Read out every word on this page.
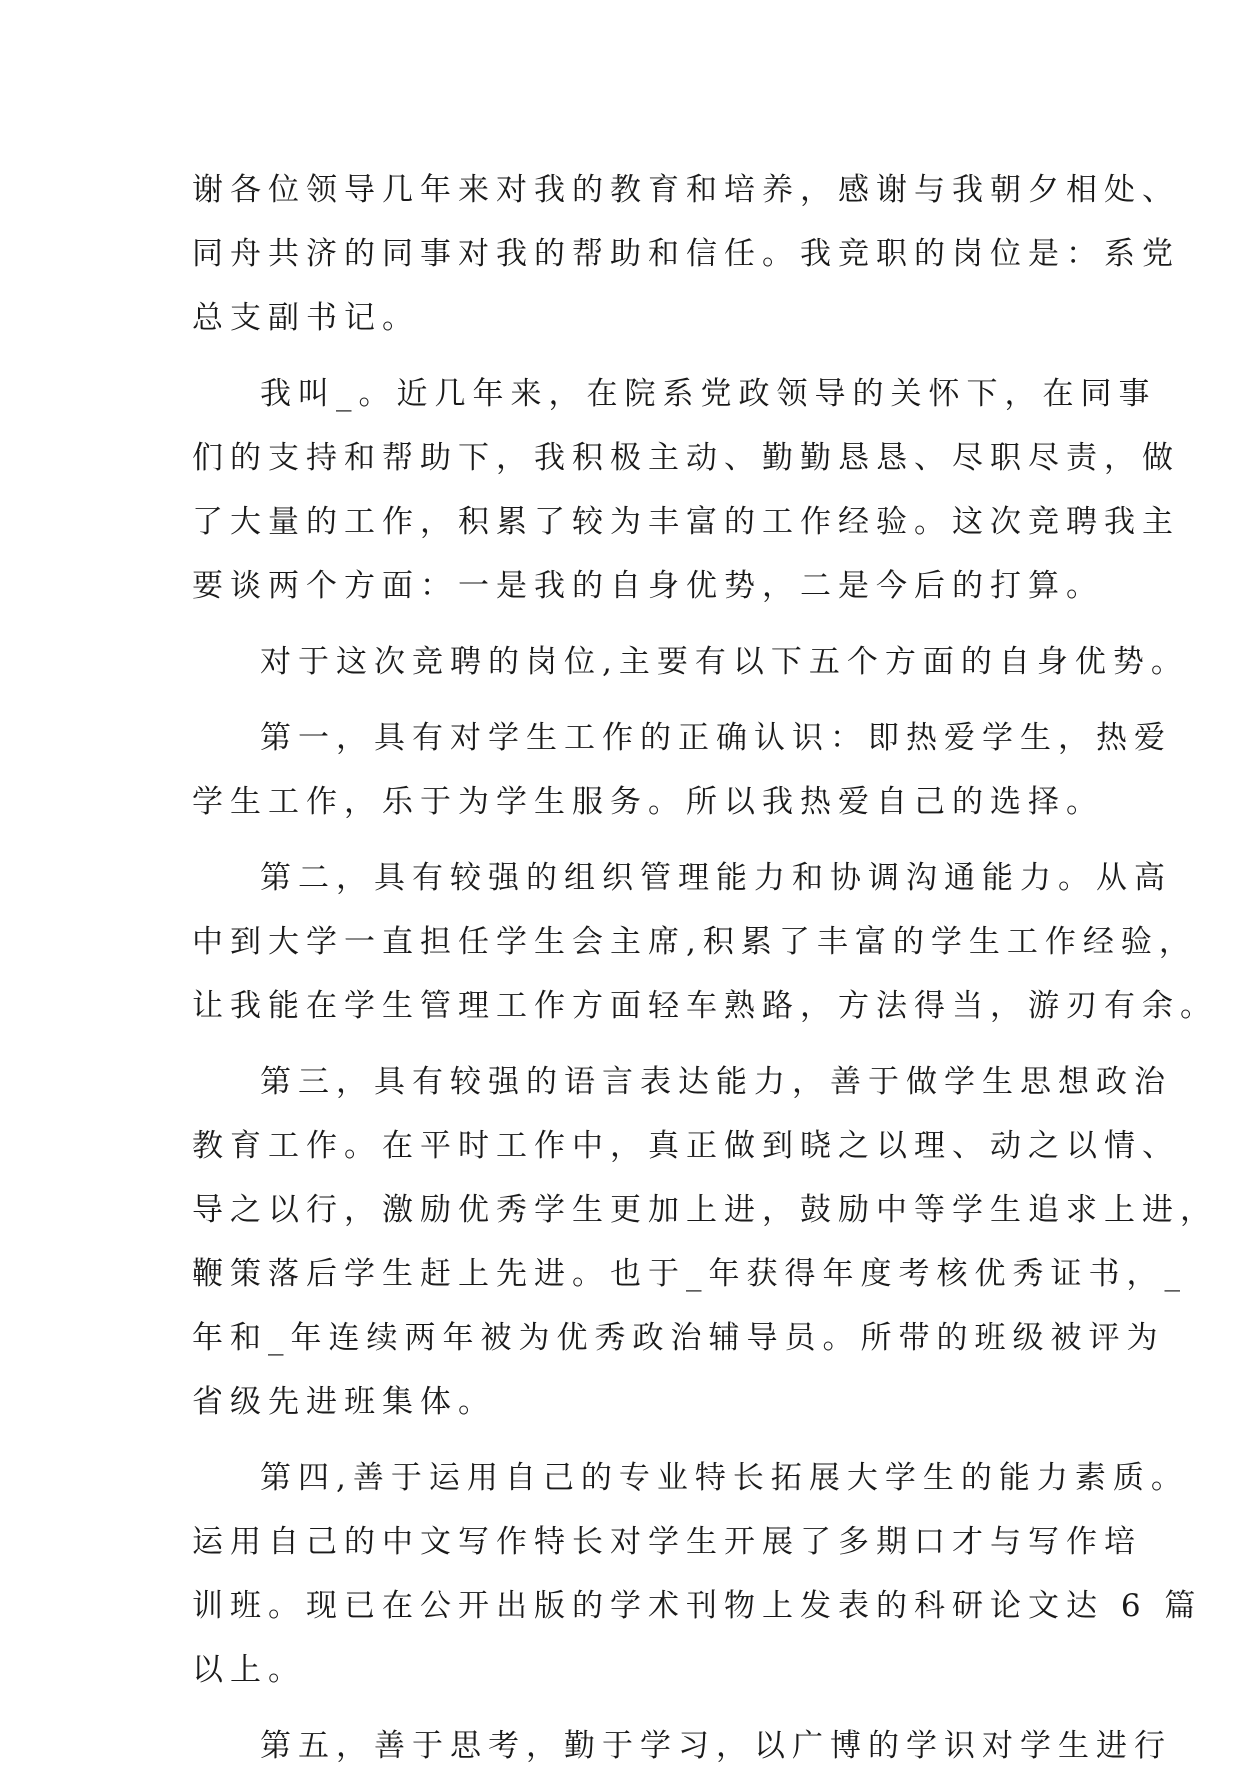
谢各位领导几年来对我的教育和培养，感谢与我朝夕相处、
同舟共济的同事对我的帮助和信任。我竞职的岗位是：系党
总支副书记。
我叫_。近几年来，在院系党政领导的关怀下，在同事
们的支持和帮助下，我积极主动、勤勤恳恳、尽职尽责，做
了大量的工作，积累了较为丰富的工作经验。这次竞聘我主
要谈两个方面：一是我的自身优势，二是今后的打算。
对于这次竞聘的岗位,主要有以下五个方面的自身优势。
第一，具有对学生工作的正确认识：即热爱学生，热爱
学生工作，乐于为学生服务。所以我热爱自己的选择。
第二，具有较强的组织管理能力和协调沟通能力。从高
中到大学一直担任学生会主席,积累了丰富的学生工作经验，
让我能在学生管理工作方面轻车熟路，方法得当，游刃有余。
第三，具有较强的语言表达能力，善于做学生思想政治
教育工作。在平时工作中，真正做到晓之以理、动之以情、
导之以行，激励优秀学生更加上进，鼓励中等学生追求上进，
鞭策落后学生赶上先进。也于_年获得年度考核优秀证书，_
年和_年连续两年被为优秀政治辅导员。所带的班级被评为
省级先进班集体。
第四,善于运用自己的专业特长拓展大学生的能力素质。
运用自己的中文写作特长对学生开展了多期口才与写作培
训班。现已在公开出版的学术刊物上发表的科研论文达 6 篇
以上。
第五，善于思考，勤于学习，以广博的学识对学生进行
